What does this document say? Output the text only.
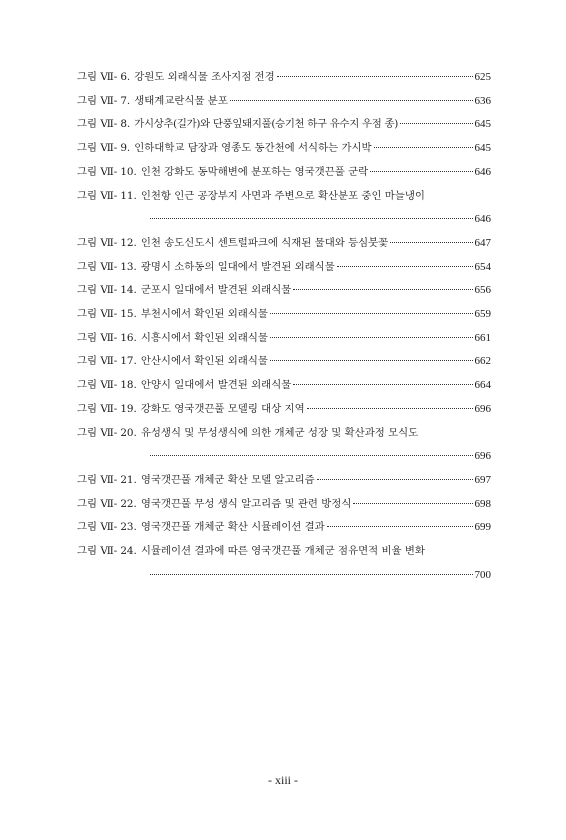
그림 Ⅶ- 6. 강원도 외래식물 조사지점 전경	625
그림 Ⅶ- 7. 생태계교란식물 분포	636
그림 Ⅶ- 8. 가시상추(길가)와 단풍잎돼지풀(승기천 하구 유수지 우점 종)	645
그림 Ⅶ- 9. 인하대학교 담장과 영종도 동간천에 서식하는 가시박	645
그림 Ⅶ- 10. 인천 강화도 동막해변에 분포하는 영국갯끈풀 군락	646
그림 Ⅶ- 11. 인천항 인근 공장부지 사면과 주변으로 확산분포 중인 마늘냉이
646
그림 Ⅶ- 12. 인천 송도신도시 센트럴파크에 식재된 물대와 등심붓꽃	647
그림 Ⅶ- 13. 광명시 소하동의 일대에서 발견된 외래식물	654
그림 Ⅶ- 14. 군포시 일대에서 발견된 외래식물	656
그림 Ⅶ- 15. 부천시에서 확인된 외래식물	659
그림 Ⅶ- 16. 시흥시에서 확인된 외래식물	661
그림 Ⅶ- 17. 안산시에서 확인된 외래식물	662
그림 Ⅶ- 18. 안양시 일대에서 발견된 외래식물	664
그림 Ⅶ- 19. 강화도 영국갯끈풀 모델링 대상 지역	696
그림 Ⅶ- 20. 유성생식 및 무성생식에 의한 개체군 성장 및 확산과정 모식도
696
그림 Ⅶ- 21. 영국갯끈풀 개체군 확산 모델 알고리즘	697
그림 Ⅶ- 22. 영국갯끈풀 무성 생식 알고리즘 및 관련 방정식	698
그림 Ⅶ- 23. 영국갯끈풀 개체군 확산 시뮬레이션 결과	699
그림 Ⅶ- 24. 시뮬레이션 결과에 따른 영국갯끈풀 개체군 점유면적 비율 변화
700
- xiii -
